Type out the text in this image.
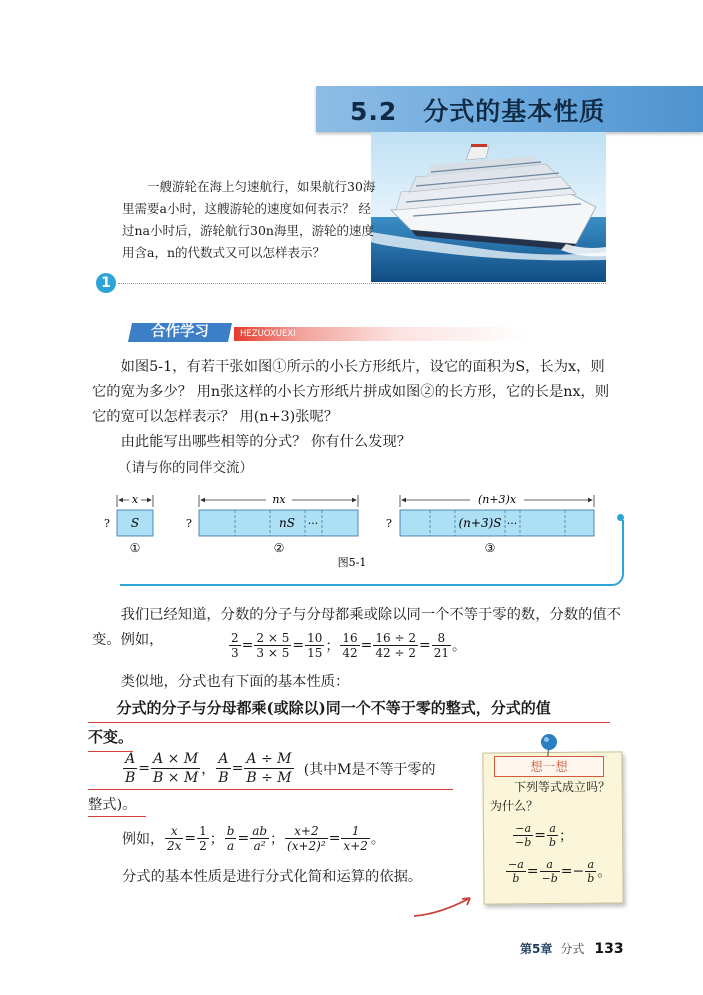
5.2　分式的基本性质

一艘游轮在海上匀速航行，如果航行30海里需要a小时，这艘游轮的速度如何表示？ 经过na小时后，游轮航行30n海里，游轮的速度用含a，n的代数式又可以怎样表示？

1
合作学习	HEZUOXUEXI

如图5-1，有若干张如图①所示的小长方形纸片，设它的面积为S，长为x，则它的宽为多少？ 用n张这样的小长方形纸片拼成如图②的长方形，它的长是nx，则它的宽可以怎样表示？ 用(n+3)张呢？

由此能写出哪些相等的分式？ 你有什么发现？

（请与你的同伴交流）
x
S
?
①
nx
nS ···
?
②
(n+3)x
(n+3)S ···
?
③
图5-1

我们已经知道，分数的分子与分母都乘或除以同一个不等于零的数，分数的值不变。例如，

	$\frac{2}{3} = \frac{2 \times 5}{3 \times 5} = \frac{10}{15}$ ； $\frac{16}{42} = \frac{16 \div 2}{42 \div 2} = \frac{8}{21}$ 。

类似地，分式也有下面的基本性质：

分式的分子与分母都乘(或除以)同一个不等于零的整式，分式的值
不变。
$\frac{A}{B} = \frac{A \times M}{B \times M}$ ， $\frac{A}{B} = \frac{A \div M}{B \div M}$ (其中M是不等于零的
整式)。
例如， $\frac{x}{2x} = \frac{1}{2}$ ； $\frac{b}{a} = \frac{ab}{\text{a²}}$ ； $\frac{x+2}{\text{(x+2)²}} = \frac{1}{x+2}$ 。
分式的基本性质是进行分式化简和运算的依据。
想一想

下列等式成立吗？ 为什么？

$\frac{-a}{-b} = \frac{a}{b}$ ；
$\frac{-a}{b} = \frac{a}{-b} =- \frac{a}{b}$ 。
第5章 分式 133
